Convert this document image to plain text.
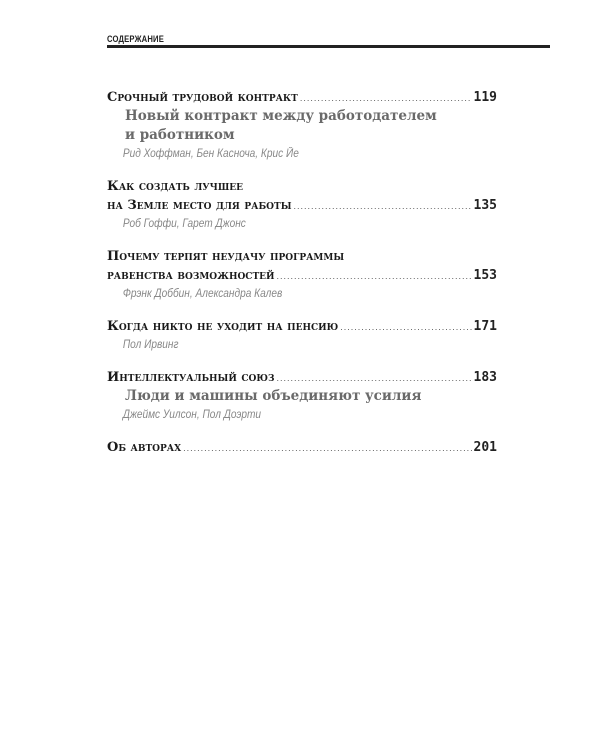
СОДЕРЖАНИЕ
Срочный трудовой контракт .....	119
Новый контракт между работодателем
и работником
Рид Хоффман, Бен Касноча, Крис Йе
Как создать лучшее
на Земле место для работы .....	135
Роб Гоффи, Гарет Джонс
Почему терпят неудачу программы
равенства возможностей .....	153
Фрэнк Доббин, Александра Калев
Когда никто не уходит на пенсию .....	171
Пол Ирвинг
Интеллектуальный союз .....	183
Люди и машины объединяют усилия
Джеймс Уилсон, Пол Доэрти
Об авторах .....	201
